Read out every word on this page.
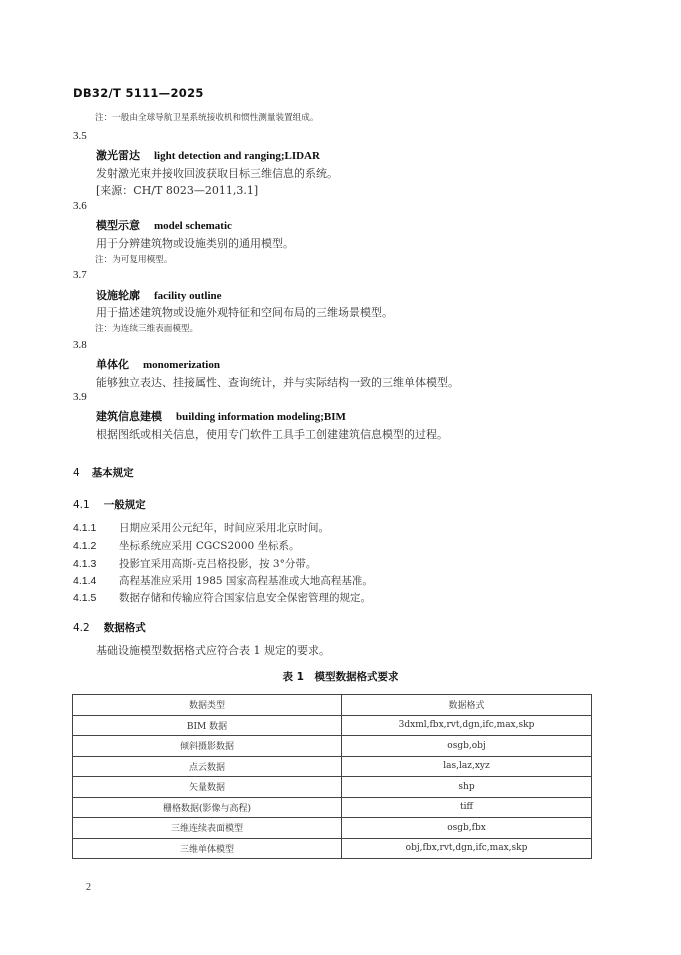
DB32/T 5111—2025
注：一般由全球导航卫星系统接收机和惯性测量装置组成。
3.5
激光雷达 light detection and ranging;LIDAR
发射激光束并接收回波获取目标三维信息的系统。
[来源：CH/T 8023—2011,3.1]
3.6
模型示意 model schematic
用于分辨建筑物或设施类别的通用模型。
注：为可复用模型。
3.7
设施轮廓 facility outline
用于描述建筑物或设施外观特征和空间布局的三维场景模型。
注：为连续三维表面模型。
3.8
单体化 monomerization
能够独立表达、挂接属性、查询统计，并与实际结构一致的三维单体模型。
3.9
建筑信息建模 building information modeling;BIM
根据图纸或相关信息，使用专门软件工具手工创建建筑信息模型的过程。
4 基本规定
4.1 一般规定
4.1.1 日期应采用公元纪年，时间应采用北京时间。
4.1.2 坐标系统应采用 CGCS2000 坐标系。
4.1.3 投影宜采用高斯-克吕格投影，按 3°分带。
4.1.4 高程基准应采用 1985 国家高程基准或大地高程基准。
4.1.5 数据存储和传输应符合国家信息安全保密管理的规定。
4.2 数据格式
基础设施模型数据格式应符合表 1 规定的要求。
表 1　模型数据格式要求
数据类型	数据格式
BIM 数据	3dxml,fbx,rvt,dgn,ifc,max,skp
倾斜摄影数据	osgb,obj
点云数据	las,laz,xyz
矢量数据	shp
栅格数据(影像与高程)	tiff
三维连续表面模型	osgb,fbx
三维单体模型	obj,fbx,rvt,dgn,ifc,max,skp
2
